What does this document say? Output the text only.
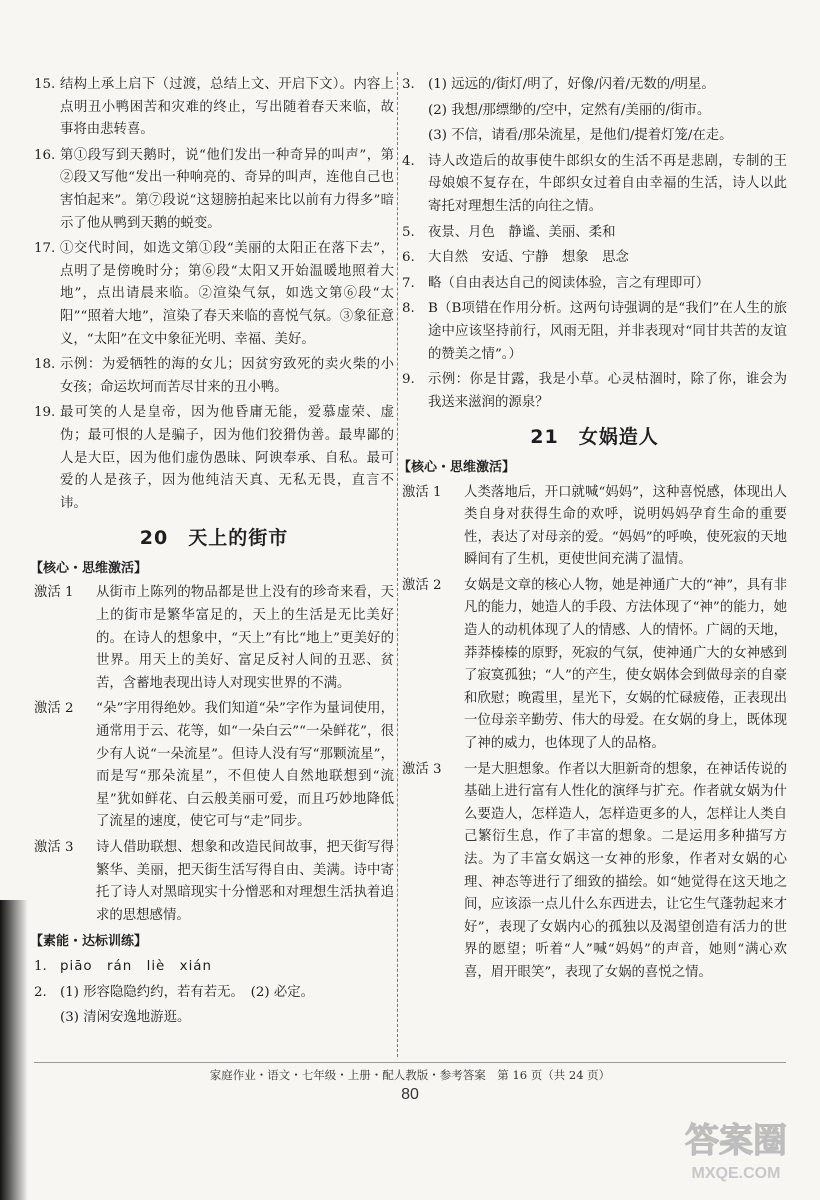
15. 结构上承上启下（过渡，总结上文、开启下文）。内容上点明丑小鸭困苦和灾难的终止，写出随着春天来临，故事将由悲转喜。
16. 第①段写到天鹅时，说“他们发出一种奇异的叫声”，第②段又写他“发出一种响亮的、奇异的叫声，连他自己也害怕起来”。第⑦段说“这翅膀拍起来比以前有力得多”暗示了他从鸭到天鹅的蜕变。
17. ①交代时间，如选文第①段“美丽的太阳正在落下去”，点明了是傍晚时分；第⑥段“太阳又开始温暖地照着大地”，点出请晨来临。②渲染气氛，如选文第⑥段“太阳”“照着大地”，渲染了春天来临的喜悦气氛。③象征意义，“太阳”在文中象征光明、幸福、美好。
18. 示例：为爱牺牲的海的女儿；因贫穷致死的卖火柴的小女孩；命运坎坷而苦尽甘来的丑小鸭。
19. 最可笑的人是皇帝，因为他昏庸无能，爱慕虚荣、虚伪；最可恨的人是骗子，因为他们狡猾伪善。最卑鄙的人是大臣，因为他们虚伪愚昧、阿谀奉承、自私。最可爱的人是孩子，因为他纯洁天真、无私无畏，直言不讳。
20　天上的街市
【核心・思维激活】
激活 1	从街市上陈列的物品都是世上没有的珍奇来看，天上的街市是繁华富足的，天上的生活是无比美好的。在诗人的想象中，“天上”有比“地上”更美好的世界。用天上的美好、富足反衬人间的丑恶、贫苦，含蓄地表现出诗人对现实世界的不满。
激活 2	“朵”字用得绝妙。我们知道“朵”字作为量词使用，通常用于云、花等，如“一朵白云”“一朵鲜花”，很少有人说“一朵流星”。但诗人没有写“那颗流星”，而是写“那朵流星”，不但使人自然地联想到“流星”犹如鲜花、白云般美丽可爱，而且巧妙地降低了流星的速度，使它可与“走”同步。
激活 3	诗人借助联想、想象和改造民间故事，把天街写得繁华、美丽，把天街生活写得自由、美满。诗中寄托了诗人对黑暗现实十分憎恶和对理想生活执着追求的思想感情。
【素能・达标训练】
1. piāo　rán　liè　xián
2. (1) 形容隐隐约约，若有若无。　(2) 必定。
(3) 清闲安逸地游逛。
3. (1) 远远的/街灯/明了，好像/闪着/无数的/明星。
(2) 我想/那缥缈的/空中，定然有/美丽的/街市。
(3) 不信，请看/那朵流星，是他们/提着灯笼/在走。
4. 诗人改造后的故事使牛郎织女的生活不再是悲剧，专制的王母娘娘不复存在，牛郎织女过着自由幸福的生活，诗人以此寄托对理想生活的向往之情。
5. 夜景、月色　静谧、美丽、柔和
6. 大自然　安适、宁静　想象　思念
7. 略（自由表达自己的阅读体验，言之有理即可）
8. B（B项错在作用分析。这两句诗强调的是“我们”在人生的旅途中应该坚持前行，风雨无阻，并非表现对“同甘共苦的友谊的赞美之情”。）
9. 示例：你是甘露，我是小草。心灵枯涸时，除了你，谁会为我送来滋润的源泉？
21　女娲造人
【核心・思维激活】
激活 1	人类落地后，开口就喊“妈妈”，这种喜悦感，体现出人类自身对获得生命的欢呼，说明妈妈孕育生命的重要性，表达了对母亲的爱。“妈妈”的呼唤，使死寂的天地瞬间有了生机，更使世间充满了温情。
激活 2	女娲是文章的核心人物，她是神通广大的“神”，具有非凡的能力，她造人的手段、方法体现了“神”的能力，她造人的动机体现了人的情感、人的情怀。广阔的天地，莽莽榛榛的原野，死寂的气氛，使神通广大的女神感到了寂寞孤独；“人”的产生，使女娲体会到做母亲的自豪和欣慰；晚霞里，星光下，女娲的忙碌疲倦，正表现出一位母亲辛勤劳、伟大的母爱。在女娲的身上，既体现了神的威力，也体现了人的品格。
激活 3	一是大胆想象。作者以大胆新奇的想象，在神话传说的基础上进行富有人性化的演绎与扩充。作者就女娲为什么要造人，怎样造人，怎样造更多的人，怎样让人类自己繁衍生息，作了丰富的想象。二是运用多种描写方法。为了丰富女娲这一女神的形象，作者对女娲的心理、神态等进行了细致的描绘。如“她觉得在这天地之间，应该添一点儿什么东西进去，让它生气蓬勃起来才好”，表现了女娲内心的孤独以及渴望创造有活力的世界的愿望；听着“人”喊“妈妈”的声音，她则“满心欢喜，眉开眼笑”，表现了女娲的喜悦之情。
家庭作业・语文・七年级・上册・配人教版・参考答案　第 16 页（共 24 页）
80
答案圈
MXQE.COM
